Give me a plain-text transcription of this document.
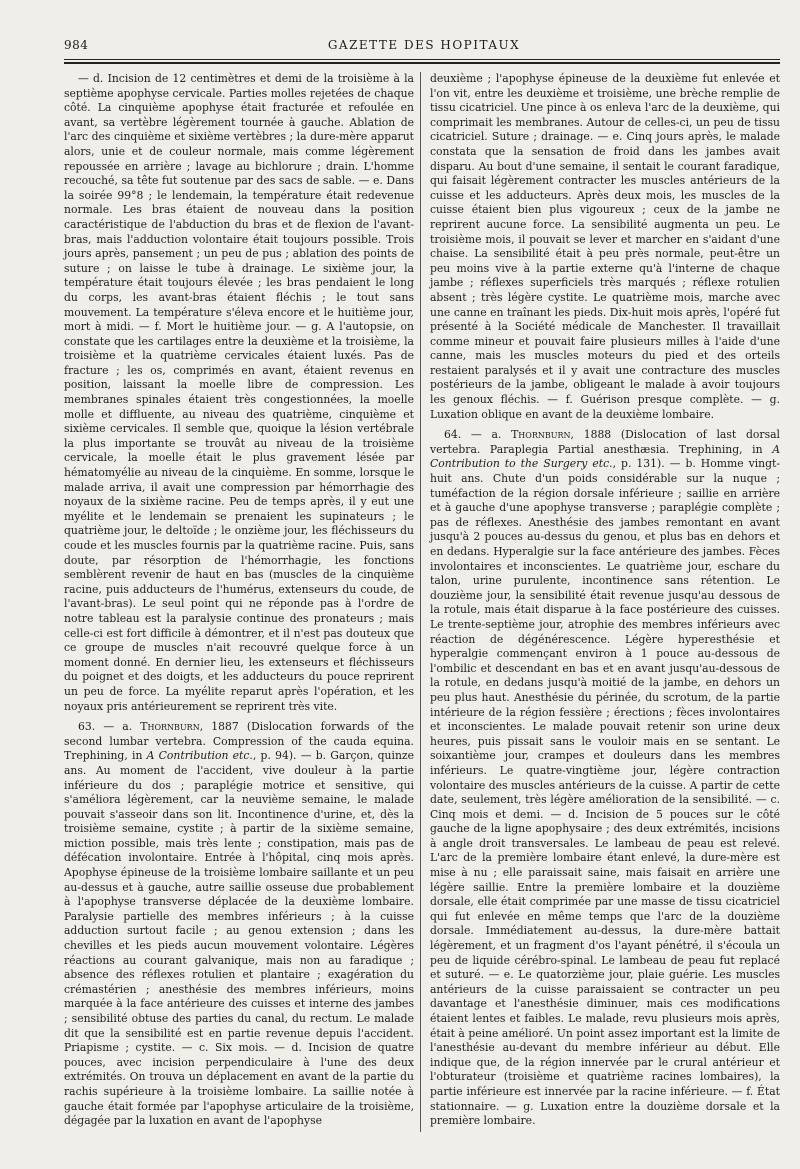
984	GAZETTE DES HOPITAUX

— d. Incision de 12 centimètres et demi de la troisième à la septième apophyse cervicale. Parties molles rejetées de chaque côté. La cinquième apophyse était fracturée et refoulée en avant, sa vertèbre légèrement tournée à gauche. Ablation de l'arc des cinquième et sixième vertèbres ; la dure-mère apparut alors, unie et de couleur normale, mais comme légèrement repoussée en arrière ; lavage au bichlorure ; drain. L'homme recouché, sa tête fut soutenue par des sacs de sable. — e. Dans la soirée 99°8 ; le lendemain, la température était redevenue normale. Les bras étaient de nouveau dans la position caractéristique de l'abduction du bras et de flexion de l'avant-bras, mais l'adduction volontaire était toujours possible. Trois jours après, pansement ; un peu de pus ; ablation des points de suture ; on laisse le tube à drainage. Le sixième jour, la température était toujours élevée ; les bras pendaient le long du corps, les avant-bras étaient fléchis ; le tout sans mouvement. La température s'éleva encore et le huitième jour, mort à midi. — f. Mort le huitième jour. — g. A l'autopsie, on constate que les cartilages entre la deuxième et la troisième, la troisième et la quatrième cervicales étaient luxés. Pas de fracture ; les os, comprimés en avant, étaient revenus en position, laissant la moelle libre de compression. Les membranes spinales étaient très congestionnées, la moelle molle et diffluente, au niveau des quatrième, cinquième et sixième cervicales. Il semble que, quoique la lésion vertébrale la plus importante se trouvât au niveau de la troisième cervicale, la moelle était le plus gravement lésée par hématomyélie au niveau de la cinquième. En somme, lorsque le malade arriva, il avait une compression par hémorrhagie des noyaux de la sixième racine. Peu de temps après, il y eut une myélite et le lendemain se prenaient les supinateurs ; le quatrième jour, le deltoïde ; le onzième jour, les fléchisseurs du coude et les muscles fournis par la quatrième racine. Puis, sans doute, par résorption de l'hémorrhagie, les fonctions semblèrent revenir de haut en bas (muscles de la cinquième racine, puis adducteurs de l'humérus, extenseurs du coude, de l'avant-bras). Le seul point qui ne réponde pas à l'ordre de notre tableau est la paralysie continue des pronateurs ; mais celle-ci est fort difficile à démontrer, et il n'est pas douteux que ce groupe de muscles n'ait recouvré quelque force à un moment donné. En dernier lieu, les extenseurs et fléchisseurs du poignet et des doigts, et les adducteurs du pouce reprirent un peu de force. La myélite reparut après l'opération, et les noyaux pris antérieurement se reprirent très vite.

63. — a. Thornburn, 1887 (Dislocation forwards of the second lumbar vertebra. Compression of the cauda equina. Trephining, in A Contribution etc., p. 94). — b. Garçon, quinze ans. Au moment de l'accident, vive douleur à la partie inférieure du dos ; paraplégie motrice et sensitive, qui s'améliora légèrement, car la neuvième semaine, le malade pouvait s'asseoir dans son lit. Incontinence d'urine, et, dès la troisième semaine, cystite ; à partir de la sixième semaine, miction possible, mais très lente ; constipation, mais pas de défécation involontaire. Entrée à l'hôpital, cinq mois après. Apophyse épineuse de la troisième lombaire saillante et un peu au-dessus et à gauche, autre saillie osseuse due probablement à l'apophyse transverse déplacée de la deuxième lombaire. Paralysie partielle des membres inférieurs ; à la cuisse adduction surtout facile ; au genou extension ; dans les chevilles et les pieds aucun mouvement volontaire. Légères réactions au courant galvanique, mais non au faradique ; absence des réflexes rotulien et plantaire ; exagération du crémastérien ; anesthésie des membres inférieurs, moins marquée à la face antérieure des cuisses et interne des jambes ; sensibilité obtuse des parties du canal, du rectum. Le malade dit que la sensibilité est en partie revenue depuis l'accident. Priapisme ; cystite. — c. Six mois. — d. Incision de quatre pouces, avec incision perpendiculaire à l'une des deux extrémités. On trouva un déplacement en avant de la partie du rachis supérieure à la troisième lombaire. La saillie notée à gauche était formée par l'apophyse articulaire de la troisième, dégagée par la luxation en avant de l'apophyse

deuxième ; l'apophyse épineuse de la deuxième fut enlevée et l'on vit, entre les deuxième et troisième, une brèche remplie de tissu cicatriciel. Une pince à os enleva l'arc de la deuxième, qui comprimait les membranes. Autour de celles-ci, un peu de tissu cicatriciel. Suture ; drainage. — e. Cinq jours après, le malade constata que la sensation de froid dans les jambes avait disparu. Au bout d'une semaine, il sentait le courant faradique, qui faisait légèrement contracter les muscles antérieurs de la cuisse et les adducteurs. Après deux mois, les muscles de la cuisse étaient bien plus vigoureux ; ceux de la jambe ne reprirent aucune force. La sensibilité augmenta un peu. Le troisième mois, il pouvait se lever et marcher en s'aidant d'une chaise. La sensibilité était à peu près normale, peut-être un peu moins vive à la partie externe qu'à l'interne de chaque jambe ; réflexes superficiels très marqués ; réflexe rotulien absent ; très légère cystite. Le quatrième mois, marche avec une canne en traînant les pieds. Dix-huit mois après, l'opéré fut présenté à la Société médicale de Manchester. Il travaillait comme mineur et pouvait faire plusieurs milles à l'aide d'une canne, mais les muscles moteurs du pied et des orteils restaient paralysés et il y avait une contracture des muscles postérieurs de la jambe, obligeant le malade à avoir toujours les genoux fléchis. — f. Guérison presque complète. — g. Luxation oblique en avant de la deuxième lombaire.

64. — a. Thornburn, 1888 (Dislocation of last dorsal vertebra. Paraplegia Partial anesthæsia. Trephining, in A Contribution to the Surgery etc., p. 131). — b. Homme vingt-huit ans. Chute d'un poids considérable sur la nuque ; tuméfaction de la région dorsale inférieure ; saillie en arrière et à gauche d'une apophyse transverse ; paraplégie complète ; pas de réflexes. Anesthésie des jambes remontant en avant jusqu'à 2 pouces au-dessus du genou, et plus bas en dehors et en dedans. Hyperalgie sur la face antérieure des jambes. Fèces involontaires et inconscientes. Le quatrième jour, eschare du talon, urine purulente, incontinence sans rétention. Le douzième jour, la sensibilité était revenue jusqu'au dessous de la rotule, mais était disparue à la face postérieure des cuisses. Le trente-septième jour, atrophie des membres inférieurs avec réaction de dégénérescence. Légère hyperesthésie et hyperalgie commençant environ à 1 pouce au-dessous de l'ombilic et descendant en bas et en avant jusqu'au-dessous de la rotule, en dedans jusqu'à moitié de la jambe, en dehors un peu plus haut. Anesthésie du périnée, du scrotum, de la partie intérieure de la région fessière ; érections ; fèces involontaires et inconscientes. Le malade pouvait retenir son urine deux heures, puis pissait sans le vouloir mais en se sentant. Le soixantième jour, crampes et douleurs dans les membres inférieurs. Le quatre-vingtième jour, légère contraction volontaire des muscles antérieurs de la cuisse. A partir de cette date, seulement, très légère amélioration de la sensibilité. — c. Cinq mois et demi. — d. Incision de 5 pouces sur le côté gauche de la ligne apophysaire ; des deux extrémités, incisions à angle droit transversales. Le lambeau de peau est relevé. L'arc de la première lombaire étant enlevé, la dure-mère est mise à nu ; elle paraissait saine, mais faisait en arrière une légère saillie. Entre la première lombaire et la douzième dorsale, elle était comprimée par une masse de tissu cicatriciel qui fut enlevée en même temps que l'arc de la douzième dorsale. Immédiatement au-dessus, la dure-mère battait légèrement, et un fragment d'os l'ayant pénétré, il s'écoula un peu de liquide cérébro-spinal. Le lambeau de peau fut replacé et suturé. — e. Le quatorzième jour, plaie guérie. Les muscles antérieurs de la cuisse paraissaient se contracter un peu davantage et l'anesthésie diminuer, mais ces modifications étaient lentes et faibles. Le malade, revu plusieurs mois après, était à peine amélioré. Un point assez important est la limite de l'anesthésie au-devant du membre inférieur au début. Elle indique que, de la région innervée par le crural antérieur et l'obturateur (troisième et quatrième racines lombaires), la partie inférieure est innervée par la racine inférieure. — f. État stationnaire. — g. Luxation entre la douzième dorsale et la première lombaire.
